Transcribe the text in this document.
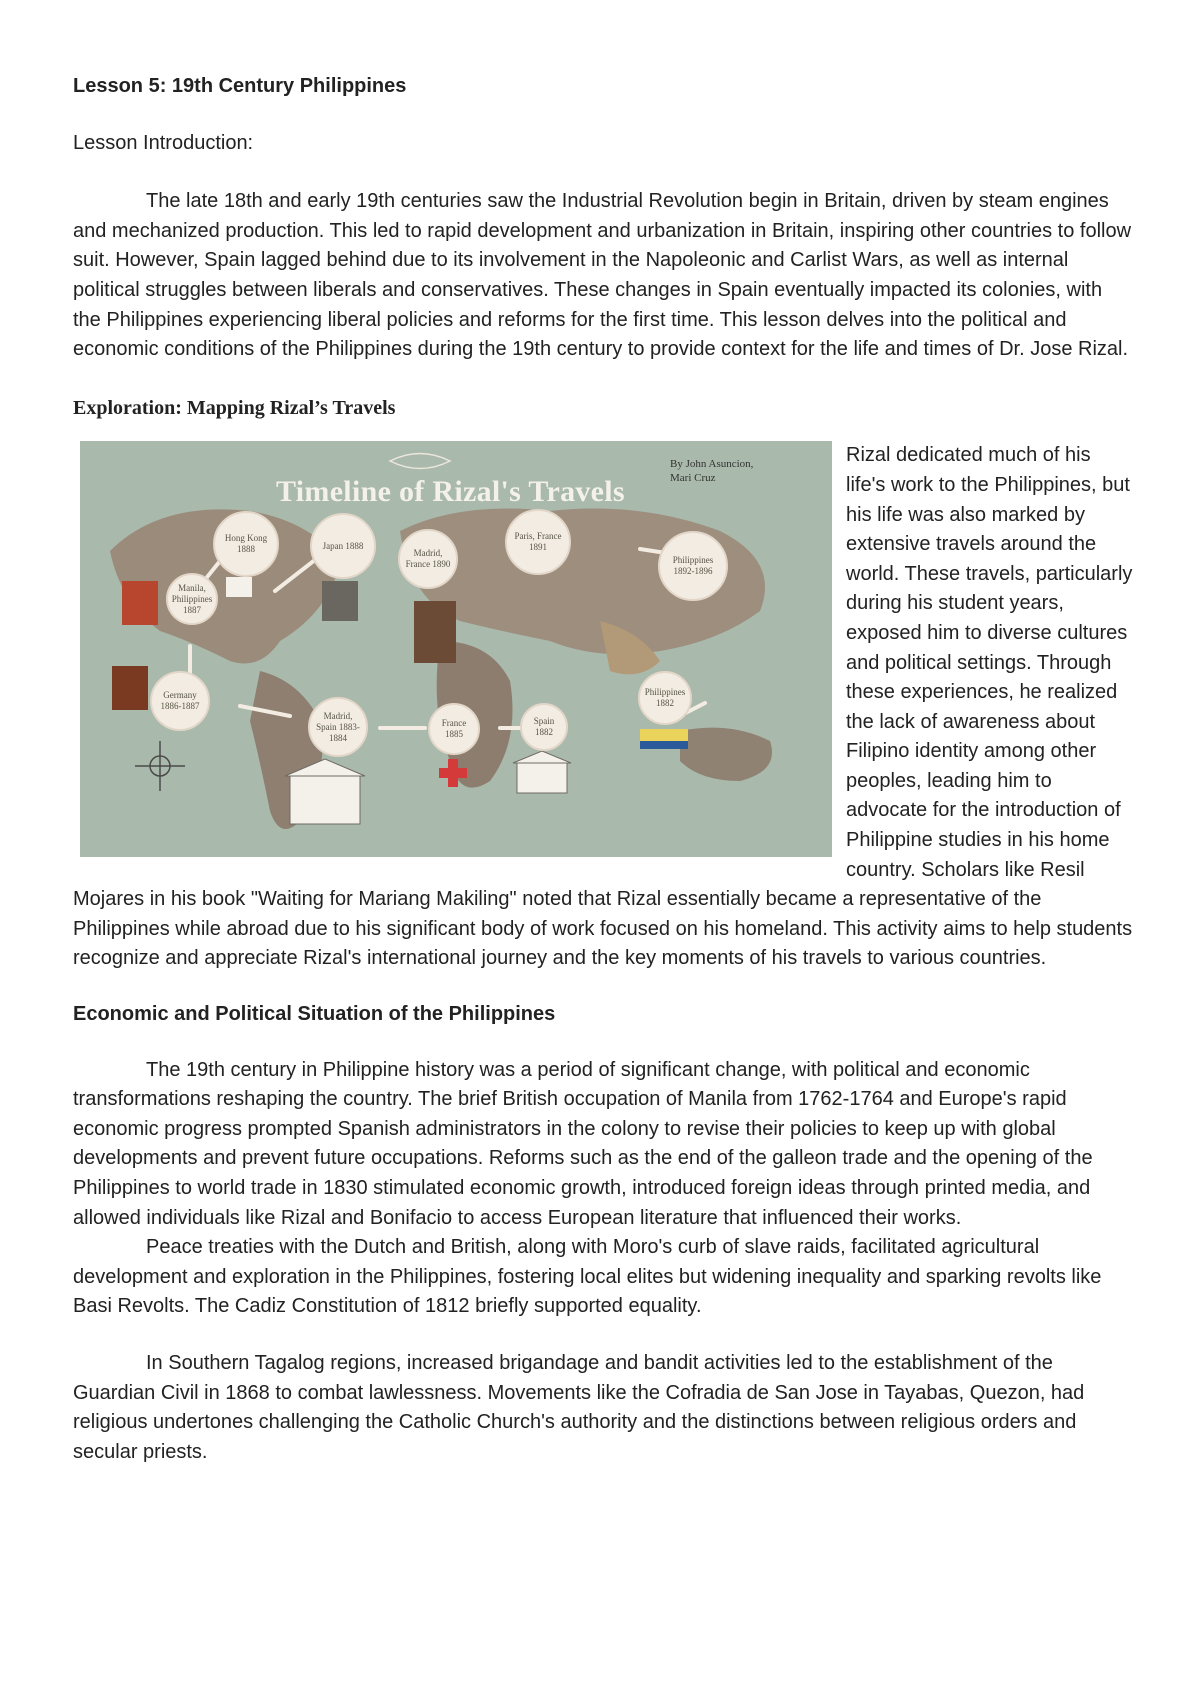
Lesson 5: 19th Century Philippines

Lesson Introduction:

The late 18th and early 19th centuries saw the Industrial Revolution begin in Britain, driven by steam engines and mechanized production. This led to rapid development and urbanization in Britain, inspiring other countries to follow suit. However, Spain lagged behind due to its involvement in the Napoleonic and Carlist Wars, as well as internal political struggles between liberals and conservatives. These changes in Spain eventually impacted its colonies, with the Philippines experiencing liberal policies and reforms for the first time. This lesson delves into the political and economic conditions of the Philippines during the 19th century to provide context for the life and times of Dr. Jose Rizal.

Exploration: Mapping Rizal’s Travels

Timeline of Rizal's Travels
By John Asuncion, Mari Cruz
Hong Kong 1888	Japan 1888
Madrid, France 1890
Paris, France 1891
Philippines 1892-1896
Manila, Philippines 1887
Germany 1886-1887
Madrid, Spain 1883-1884
France 1885
Spain 1882
Philippines 1882

Rizal dedicated much of his life's work to the Philippines, but his life was also marked by extensive travels around the world. These travels, particularly during his student years, exposed him to diverse cultures and political settings. Through these experiences, he realized the lack of awareness about Filipino identity among other peoples, leading him to advocate for the introduction of Philippine studies in his home country. Scholars like Resil Mojares in his book "Waiting for Mariang Makiling" noted that Rizal essentially became a representative of the Philippines while abroad due to his significant body of work focused on his homeland. This activity aims to help students recognize and appreciate Rizal's international journey and the key moments of his travels to various countries.

Economic and Political Situation of the Philippines

The 19th century in Philippine history was a period of significant change, with political and economic transformations reshaping the country. The brief British occupation of Manila from 1762-1764 and Europe's rapid economic progress prompted Spanish administrators in the colony to revise their policies to keep up with global developments and prevent future occupations. Reforms such as the end of the galleon trade and the opening of the Philippines to world trade in 1830 stimulated economic growth, introduced foreign ideas through printed media, and allowed individuals like Rizal and Bonifacio to access European literature that influenced their works.

Peace treaties with the Dutch and British, along with Moro's curb of slave raids, facilitated agricultural development and exploration in the Philippines, fostering local elites but widening inequality and sparking revolts like Basi Revolts. The Cadiz Constitution of 1812 briefly supported equality.

In Southern Tagalog regions, increased brigandage and bandit activities led to the establishment of the Guardian Civil in 1868 to combat lawlessness. Movements like the Cofradia de San Jose in Tayabas, Quezon, had religious undertones challenging the Catholic Church's authority and the distinctions between religious orders and secular priests.
